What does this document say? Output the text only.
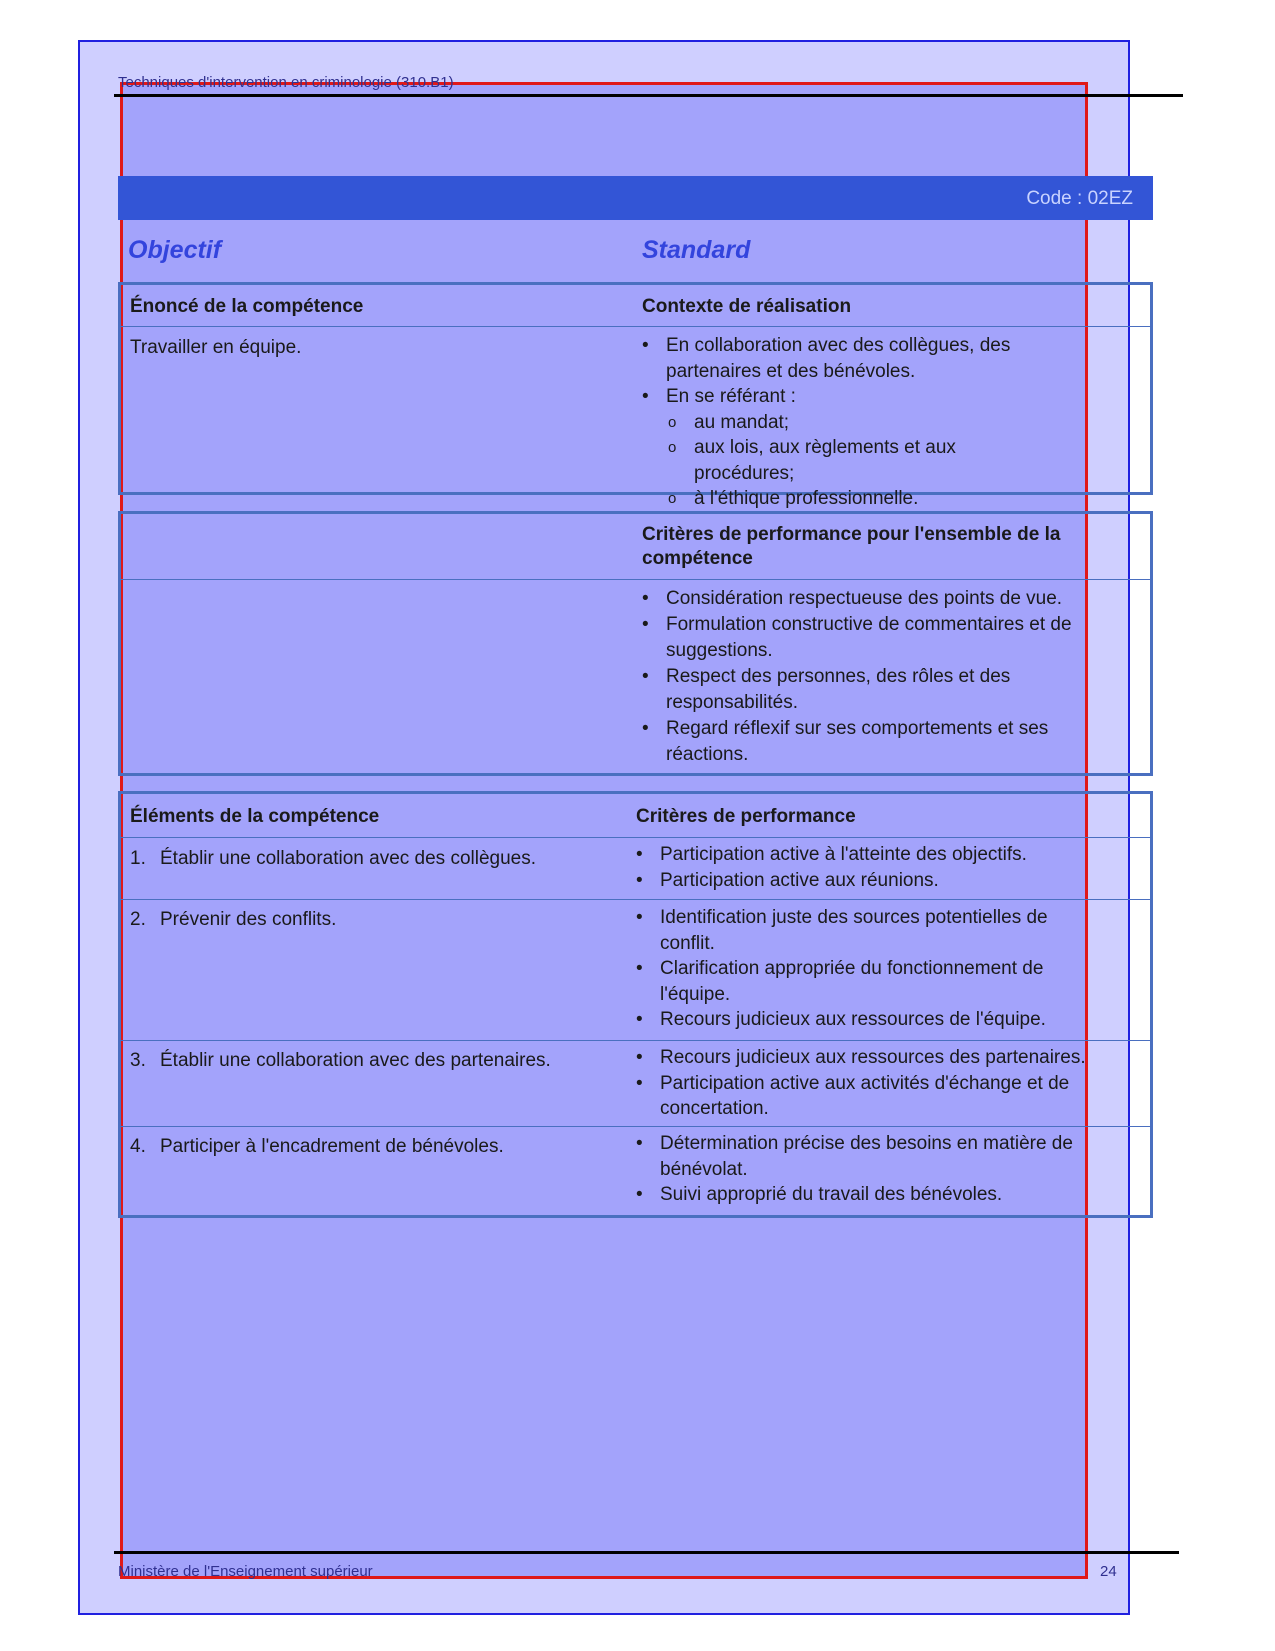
Techniques d'intervention en criminologie (310.B1)
Code : 02EZ
Objectif	Standard
Énoncé de la compétence	Contexte de réalisation
Travailler en équipe.	• En collaboration avec des collègues, des partenaires et des bénévoles.
• En se référant :
o au mandat;
o aux lois, aux règlements et aux procédures;
o à l'éthique professionnelle.
Critères de performance pour l'ensemble de la compétence
• Considération respectueuse des points de vue.
• Formulation constructive de commentaires et de suggestions.
• Respect des personnes, des rôles et des responsabilités.
• Regard réflexif sur ses comportements et ses réactions.
Éléments de la compétence	Critères de performance
1. Établir une collaboration avec des collègues.	• Participation active à l'atteinte des objectifs.
• Participation active aux réunions.
2. Prévenir des conflits.	• Identification juste des sources potentielles de conflit.
• Clarification appropriée du fonctionnement de l'équipe.
• Recours judicieux aux ressources de l'équipe.
3. Établir une collaboration avec des partenaires.	• Recours judicieux aux ressources des partenaires.
• Participation active aux activités d'échange et de concertation.
4. Participer à l'encadrement de bénévoles.	• Détermination précise des besoins en matière de bénévolat.
• Suivi approprié du travail des bénévoles.
Ministère de l'Enseignement supérieur	24
